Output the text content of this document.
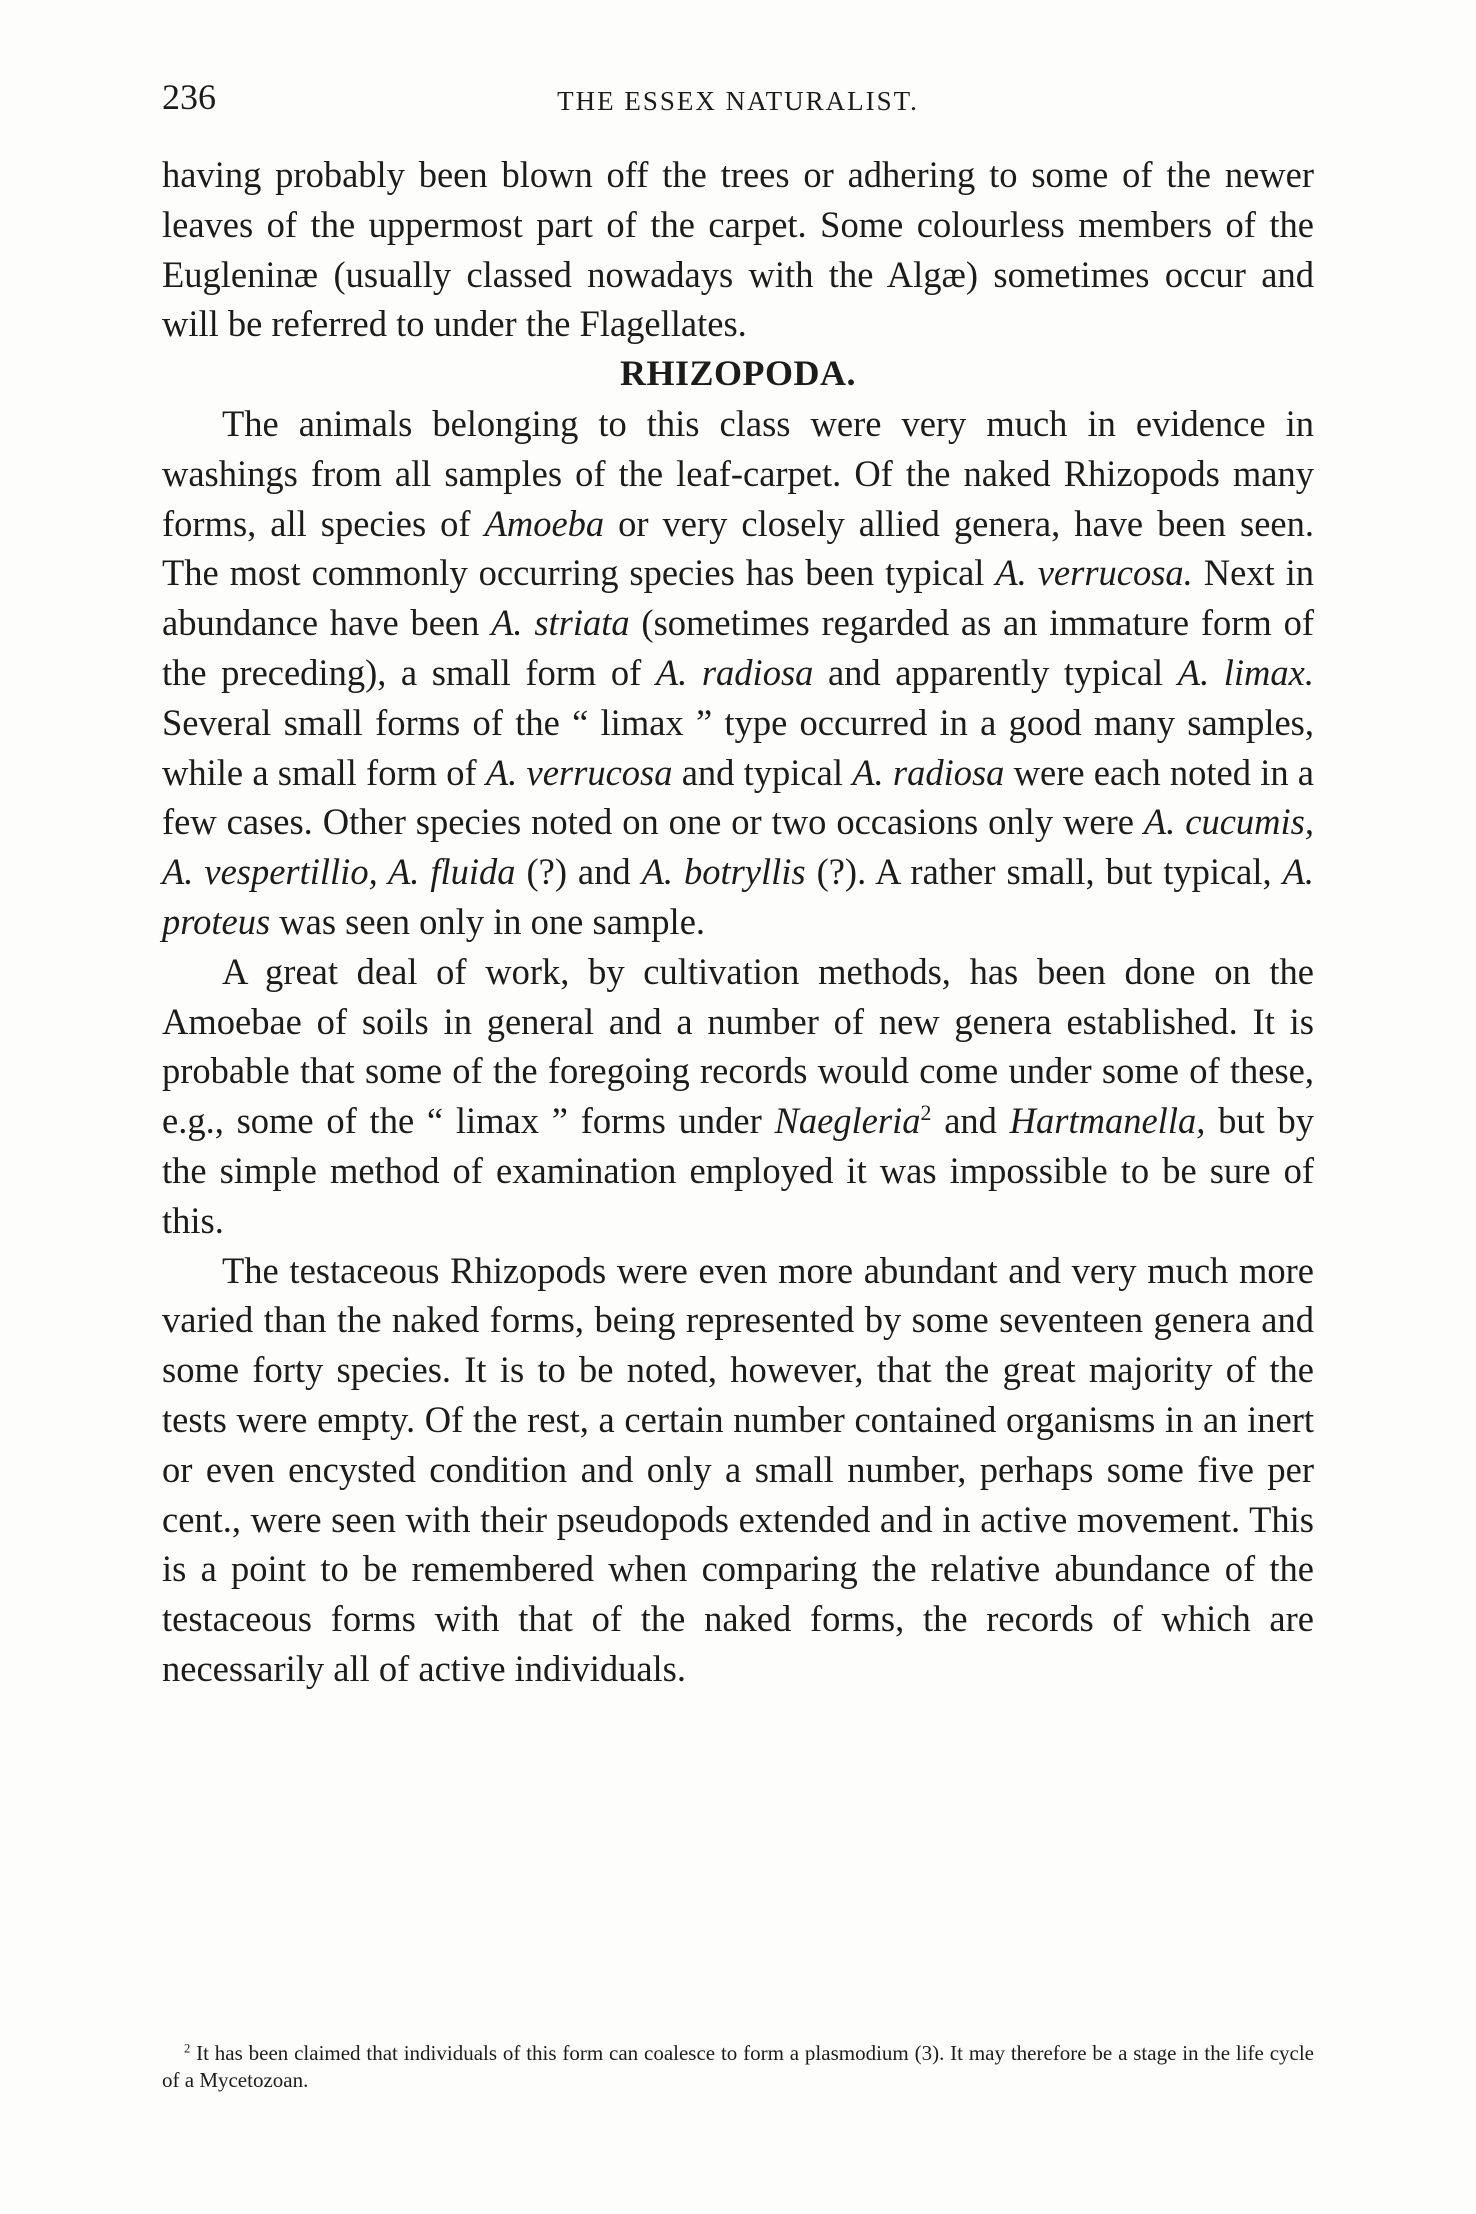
236	THE ESSEX NATURALIST.

having probably been blown off the trees or adhering to some of the newer leaves of the uppermost part of the carpet. Some colourless members of the Eugleninæ (usually classed nowadays with the Algæ) sometimes occur and will be referred to under the Flagellates.

RHIZOPODA.

The animals belonging to this class were very much in evidence in washings from all samples of the leaf-carpet. Of the naked Rhizopods many forms, all species of Amoeba or very closely allied genera, have been seen. The most commonly occurring species has been typical A. verrucosa. Next in abundance have been A. striata (sometimes regarded as an immature form of the preceding), a small form of A. radiosa and apparently typical A. limax. Several small forms of the “ limax ” type occurred in a good many samples, while a small form of A. verrucosa and typical A. radiosa were each noted in a few cases. Other species noted on one or two occasions only were A. cucumis, A. vespertillio, A. fluida (?) and A. botryllis (?). A rather small, but typical, A. proteus was seen only in one sample.

A great deal of work, by cultivation methods, has been done on the Amoebae of soils in general and a number of new genera established. It is probable that some of the foregoing records would come under some of these, e.g., some of the “ limax ” forms under Naegleria$^2$ and Hartmanella, but by the simple method of examination employed it was impossible to be sure of this.

The testaceous Rhizopods were even more abundant and very much more varied than the naked forms, being represented by some seventeen genera and some forty species. It is to be noted, however, that the great majority of the tests were empty. Of the rest, a certain number contained organisms in an inert or even encysted condition and only a small number, perhaps some five per cent., were seen with their pseudopods extended and in active movement. This is a point to be remembered when comparing the relative abundance of the testaceous forms with that of the naked forms, the records of which are necessarily all of active individuals.

$^2$ It has been claimed that individuals of this form can coalesce to form a plasmodium (3). It may therefore be a stage in the life cycle of a Mycetozoan.
